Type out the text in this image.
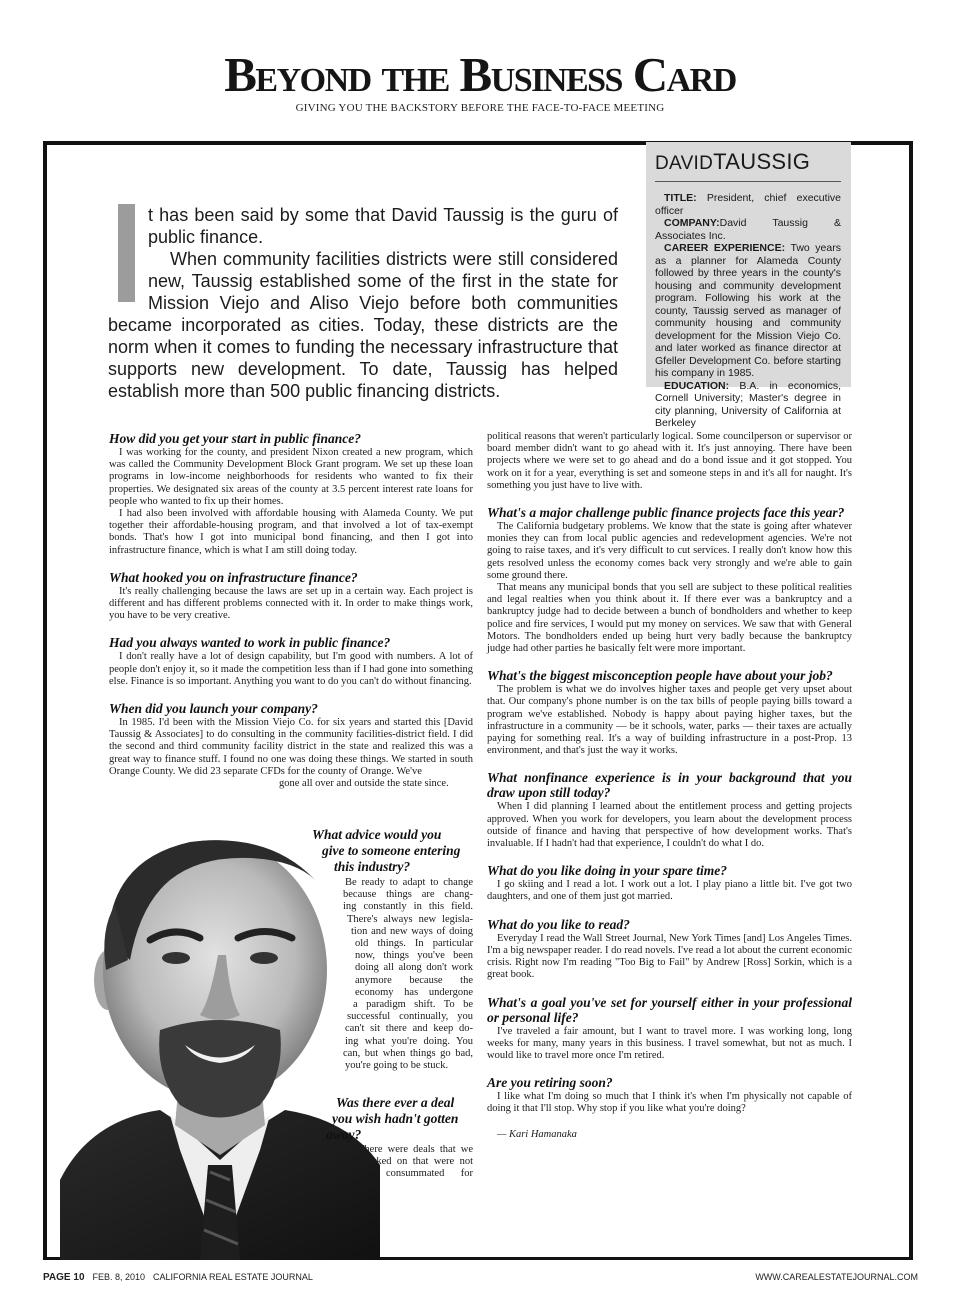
Beyond the Business Card
GIVING YOU THE BACKSTORY BEFORE THE FACE-TO-FACE MEETING

t has been said by some that David Taussig is the guru of public finance.

When community facilities districts were still considered new, Taussig established some of the first in the state for Mission Viejo and Aliso Viejo before both communities became incorporated as cities. Today, these districts are the norm when it comes to funding the necessary infrastructure that supports new development. To date, Taussig has helped establish more than 500 public financing districts.

DAVIDTAUSSIG

TITLE: President, chief executive officer

COMPANY:David Taussig & Associates Inc.

CAREER EXPERIENCE: Two years as a planner for Alameda County followed by three years in the county's housing and community development program. Following his work at the county, Taussig served as manager of community housing and community development for the Mission Viejo Co. and later worked as finance director at Gfeller Development Co. before starting his company in 1985.

EDUCATION: B.A. in economics, Cornell University; Master's degree in city planning, University of California at Berkeley

How did you get your start in public finance?

I was working for the county, and president Nixon created a new program, which was called the Community Development Block Grant program. We set up these loan programs in low-income neighborhoods for residents who wanted to fix their properties. We designated six areas of the county at 3.5 percent interest rate loans for people who wanted to fix up their homes.

I had also been involved with affordable housing with Alameda County. We put together their affordable-housing program, and that involved a lot of tax-exempt bonds. That's how I got into municipal bond financing, and then I got into infrastructure finance, which is what I am still doing today.

What hooked you on infrastructure finance?

It's really challenging because the laws are set up in a certain way. Each project is different and has different problems connected with it. In order to make things work, you have to be very creative.

Had you always wanted to work in public finance?

I don't really have a lot of design capability, but I'm good with numbers. A lot of people don't enjoy it, so it made the competition less than if I had gone into something else. Finance is so important. Anything you want to do you can't do without financing.

When did you launch your company?

In 1985. I'd been with the Mission Viejo Co. for six years and started this [David Taussig & Associates] to do consulting in the community facilities-district field. I did the second and third community facility district in the state and realized this was a great way to finance stuff. I found no one was doing these things. We started in south Orange County. We did 23 separate CFDs for the county of Orange. We've

gone all over and outside the state since.

What advice would you
give to someone entering
this industry?
Be ready to adapt to change
because things are chang-
ing constantly in this field.
There's always new legisla-
tion and new ways of doing
old things. In particular
now, things you've been
doing all along don't work
anymore because the
economy has undergone
a paradigm shift. To be
successful continually, you
can't sit there and keep do-
ing what you're doing. You
can, but when things go bad,
you're going to be stuck.
Was there ever a deal
you wish hadn't gotten
away?
There were deals that we
worked on that were not
consummated for

political reasons that weren't particularly logical. Some councilperson or supervisor or board member didn't want to go ahead with it. It's just annoying. There have been projects where we were set to go ahead and do a bond issue and it got stopped. You work on it for a year, everything is set and someone steps in and it's all for naught. It's something you just have to live with.

What's a major challenge public finance projects face this year?

The California budgetary problems. We know that the state is going after whatever monies they can from local public agencies and redevelopment agencies. We're not going to raise taxes, and it's very difficult to cut services. I really don't know how this gets resolved unless the economy comes back very strongly and we're able to gain some ground there.

That means any municipal bonds that you sell are subject to these political realities and legal realties when you think about it. If there ever was a bankruptcy and a bankruptcy judge had to decide between a bunch of bondholders and whether to keep police and fire services, I would put my money on services. We saw that with General Motors. The bondholders ended up being hurt very badly because the bankruptcy judge had other parties he basically felt were more important.

What's the biggest misconception people have about your job?

The problem is what we do involves higher taxes and people get very upset about that. Our company's phone number is on the tax bills of people paying bills toward a program we've established. Nobody is happy about paying higher taxes, but the infrastructure in a community — be it schools, water, parks — their taxes are actually paying for something real. It's a way of building infrastructure in a post-Prop. 13 environment, and that's just the way it works.

What nonfinance experience is in your background that you draw upon still today?

When I did planning I learned about the entitlement process and getting projects approved. When you work for developers, you learn about the development process outside of finance and having that perspective of how development works. That's invaluable. If I hadn't had that experience, I couldn't do what I do.

What do you like doing in your spare time?

I go skiing and I read a lot. I work out a lot. I play piano a little bit. I've got two daughters, and one of them just got married.

What do you like to read?

Everyday I read the Wall Street Journal, New York Times [and] Los Angeles Times. I'm a big newspaper reader. I do read novels. I've read a lot about the current economic crisis. Right now I'm reading "Too Big to Fail" by Andrew [Ross] Sorkin, which is a great book.

What's a goal you've set for yourself either in your professional or personal life?

I've traveled a fair amount, but I want to travel more. I was working long, long weeks for many, many years in this business. I travel somewhat, but not as much. I would like to travel more once I'm retired.

Are you retiring soon?

I like what I'm doing so much that I think it's when I'm physically not capable of doing it that I'll stop. Why stop if you like what you're doing?

— Kari Hamanaka

PAGE 10 FEB. 8, 2010 CALIFORNIA REAL ESTATE JOURNAL	WWW.CAREALESTATEJOURNAL.COM
